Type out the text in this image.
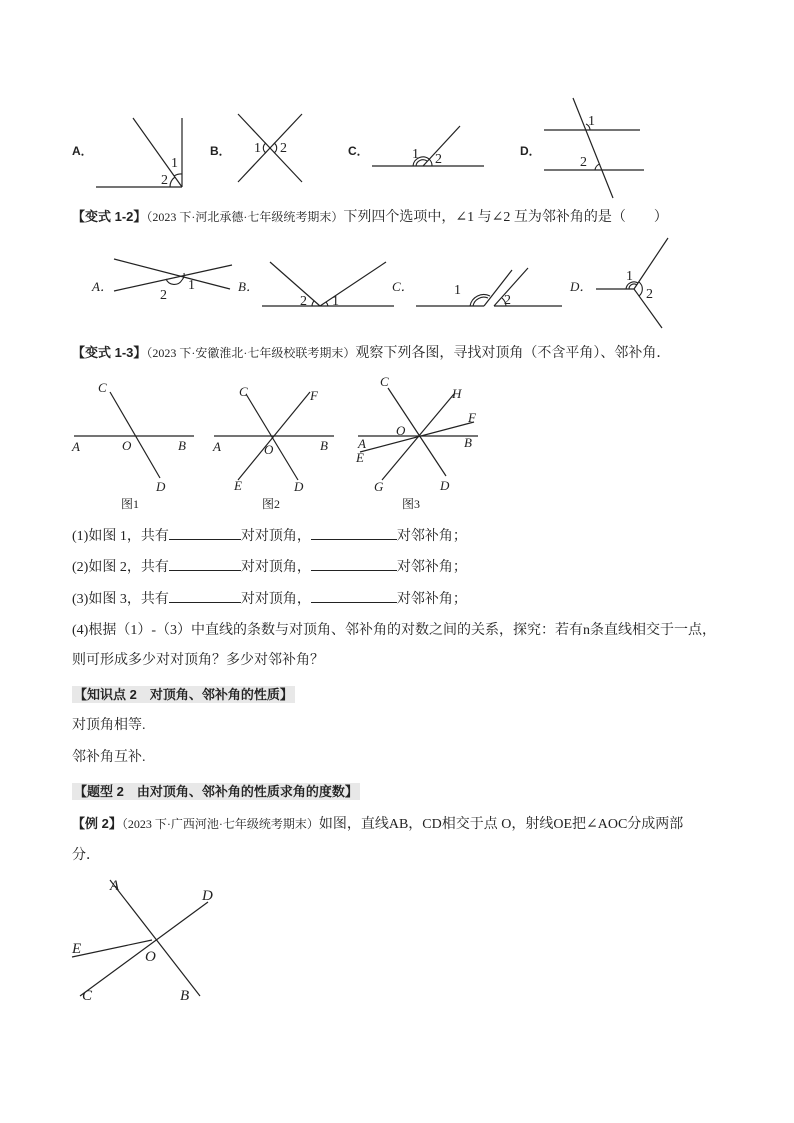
A．
1
2
B． 1 2	C．	1 2
D．
1
2
【变式 1-2】（2023 下·河北承德·七年级统考期末）下列四个选项中，∠1 与∠2 互为邻补角的是（　　）
A．	1
2
B．
2 1
C．	1
2
D．
1
2
【变式 1-3】（2023 下·安徽淮北·七年级校联考期末）观察下列各图，寻找对顶角（不含平角）、邻补角．
C
O
A	B
D
图1
C	F
A	O	B
E	D
图2
C
H
F
O
A	B
E
G	D
图3
(1)如图 1，共有	对对顶角，	对邻补角；
(2)如图 2，共有	对对顶角，	对邻补角；
(3)如图 3，共有	对对顶角，	对邻补角；
(4)根据（1）-（3）中直线的条数与对顶角、邻补角的对数之间的关系，探究：若有n条直线相交于一点，
则可形成多少对对顶角？多少对邻补角？
【知识点 2　对顶角、邻补角的性质】
对顶角相等.
邻补角互补.
【题型 2　由对顶角、邻补角的性质求角的度数】
【例 2】（2023 下·广西河池·七年级统考期末）如图，直线AB，CD相交于点 O，射线OE把∠AOC分成两部
分．
A
D
E	O
C	B
